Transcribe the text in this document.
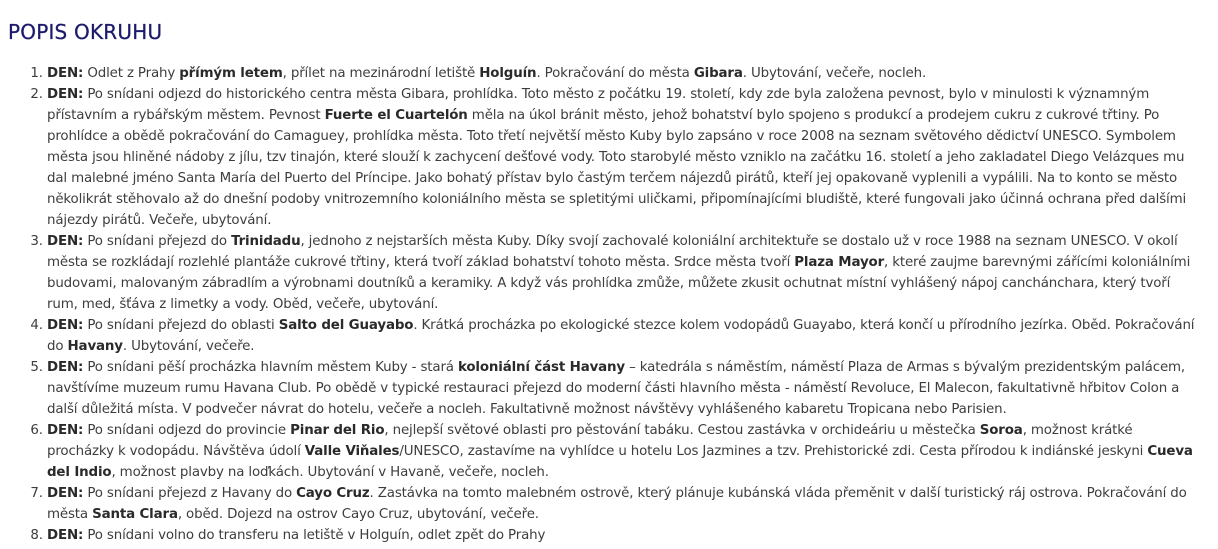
POPIS OKRUHU
1. DEN: Odlet z Prahy přímým letem, přílet na mezinárodní letiště Holguín. Pokračování do města Gibara. Ubytování, večeře, nocleh.
2. DEN: Po snídani odjezd do historického centra města Gibara, prohlídka. Toto město z počátku 19. století, kdy zde byla založena pevnost, bylo v minulosti k významným přístavním a rybářským městem. Pevnost Fuerte el Cuartelón měla na úkol bránit město, jehož bohatství bylo spojeno s produkcí a prodejem cukru z cukrové třtiny. Po prohlídce a obědě pokračování do Camaguey, prohlídka města. Toto třetí největší město Kuby bylo zapsáno v roce 2008 na seznam světového dědictví UNESCO. Symbolem města jsou hliněné nádoby z jílu, tzv tinajón, které slouží k zachycení dešťové vody. Toto starobylé město vzniklo na začátku 16. století a jeho zakladatel Diego Velázques mu dal malebné jméno Santa María del Puerto del Príncipe. Jako bohatý přístav bylo častým terčem nájezdů pirátů, kteří jej opakovaně vyplenili a vypálili. Na to konto se město několikrát stěhovalo až do dnešní podoby vnitrozemního koloniálního města se spletitými uličkami, připomínajícími bludiště, které fungovali jako účinná ochrana před dalšími nájezdy pirátů. Večeře, ubytování.
3. DEN: Po snídani přejezd do Trinidadu, jednoho z nejstarších města Kuby. Díky svojí zachovalé koloniální architektuře se dostalo už v roce 1988 na seznam UNESCO. V okolí města se rozkládají rozlehlé plantáže cukrové třtiny, která tvoří základ bohatství tohoto města. Srdce města tvoří Plaza Mayor, které zaujme barevnými zářícími koloniálními budovami, malovaným zábradlím a výrobnami doutníků a keramiky. A když vás prohlídka zmůže, můžete zkusit ochutnat místní vyhlášený nápoj canchánchara, který tvoří rum, med, šťáva z limetky a vody. Oběd, večeře, ubytování.
4. DEN: Po snídani přejezd do oblasti Salto del Guayabo. Krátká procházka po ekologické stezce kolem vodopádů Guayabo, která končí u přírodního jezírka. Oběd. Pokračování do Havany. Ubytování, večeře.
5. DEN: Po snídani pěší procházka hlavním městem Kuby - stará koloniální část Havany – katedrála s náměstím, náměstí Plaza de Armas s bývalým prezidentským palácem, navštívíme muzeum rumu Havana Club. Po obědě v typické restauraci přejezd do moderní části hlavního města - náměstí Revoluce, El Malecon, fakultativně hřbitov Colon a další důležitá místa. V podvečer návrat do hotelu, večeře a nocleh. Fakultativně možnost návštěvy vyhlášeného kabaretu Tropicana nebo Parisien.
6. DEN: Po snídani odjezd do provincie Pinar del Rio, nejlepší světové oblasti pro pěstování tabáku. Cestou zastávka v orchideáriu u městečka Soroa, možnost krátké procházky k vodopádu. Návštěva údolí Valle Viňales/UNESCO, zastavíme na vyhlídce u hotelu Los Jazmines a tzv. Prehistorické zdi. Cesta přírodou k indiánské jeskyni Cueva del Indio, možnost plavby na loďkách. Ubytování v Havaně, večeře, nocleh.
7. DEN: Po snídani přejezd z Havany do Cayo Cruz. Zastávka na tomto malebném ostrově, který plánuje kubánská vláda přeměnit v další turistický ráj ostrova. Pokračování do města Santa Clara, oběd. Dojezd na ostrov Cayo Cruz, ubytování, večeře.
8. DEN: Po snídani volno do transferu na letiště v Holguín, odlet zpět do Prahy
